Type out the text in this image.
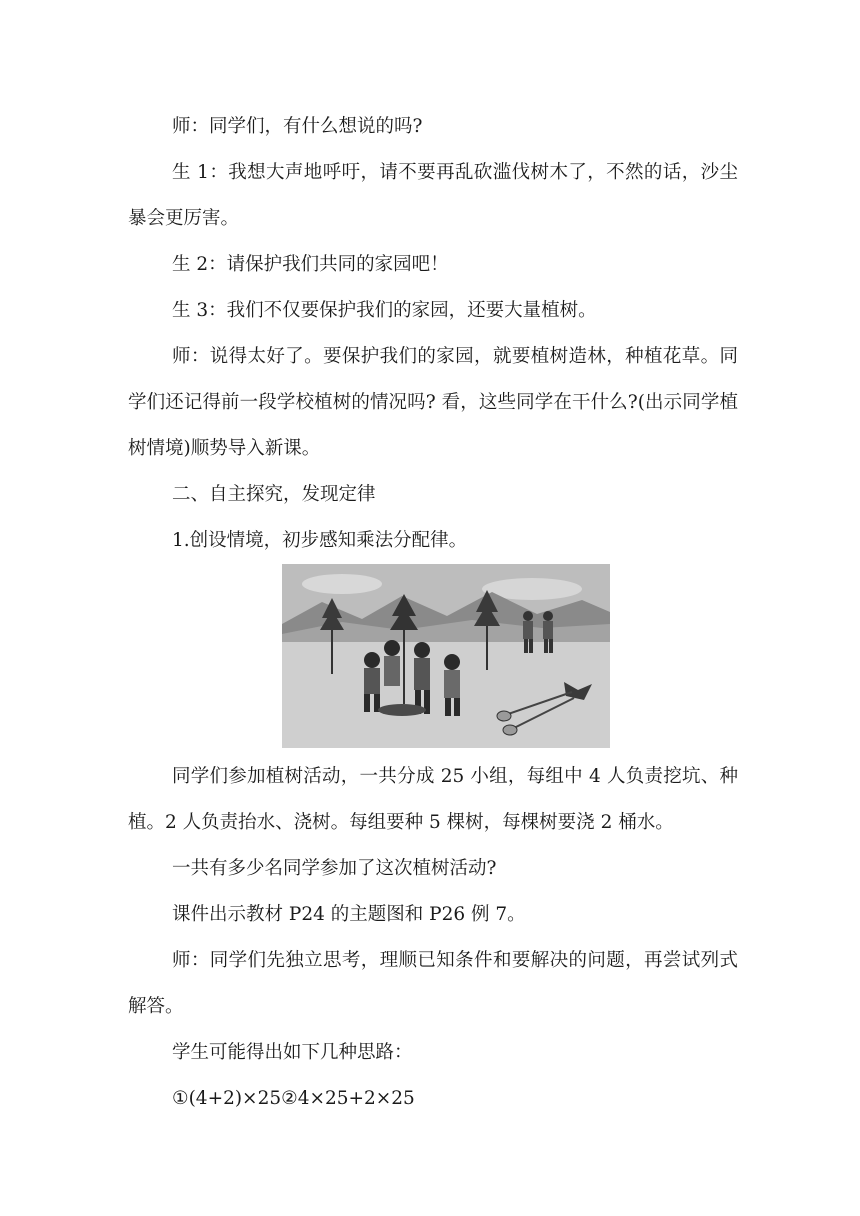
师：同学们，有什么想说的吗?

生 1：我想大声地呼吁，请不要再乱砍滥伐树木了，不然的话，沙尘暴会更厉害。

生 2：请保护我们共同的家园吧！

生 3：我们不仅要保护我们的家园，还要大量植树。

师：说得太好了。要保护我们的家园，就要植树造林，种植花草。同学们还记得前一段学校植树的情况吗? 看，这些同学在干什么?(出示同学植树情境)顺势导入新课。

二、自主探究，发现定律

1.创设情境，初步感知乘法分配律。

同学们参加植树活动，一共分成 25 小组，每组中 4 人负责挖坑、种植。2 人负责抬水、浇树。每组要种 5 棵树，每棵树要浇 2 桶水。

一共有多少名同学参加了这次植树活动?

课件出示教材 P24 的主题图和 P26 例 7。

师：同学们先独立思考，理顺已知条件和要解决的问题，再尝试列式解答。

学生可能得出如下几种思路：

①(4+2)×25②4×25+2×25
